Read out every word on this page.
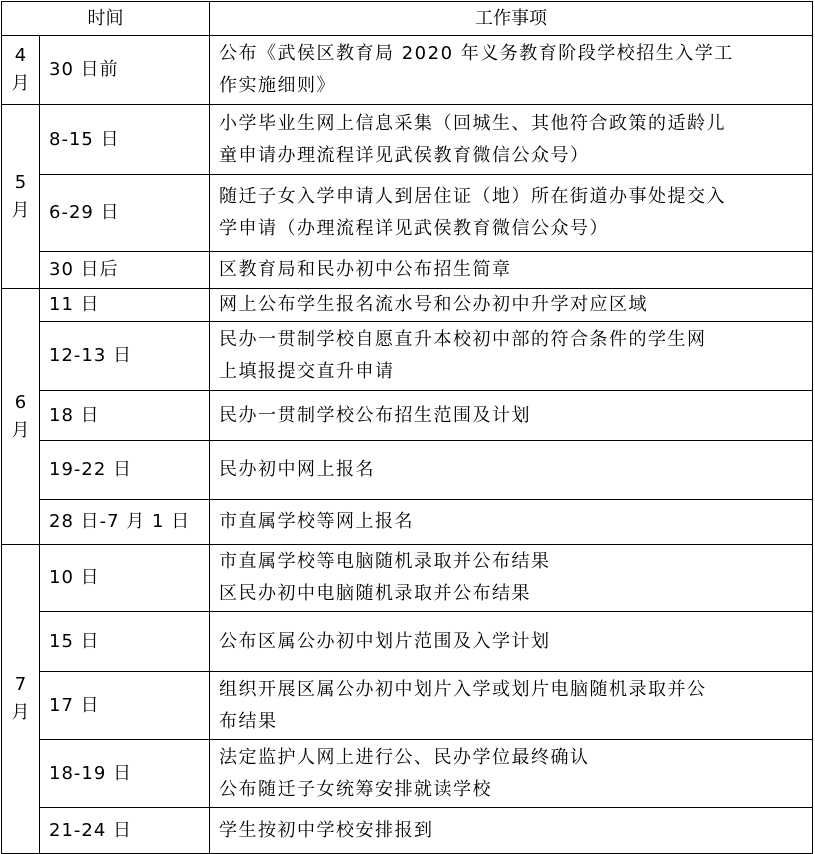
时间		工作事项

4
月	30 日前	公布《武侯区教育局 2020 年义务教育阶段学校招生入学工
作实施细则》

5
月	8-15 日	小学毕业生网上信息采集（回城生、其他符合政策的适龄儿
童申请办理流程详见武侯教育微信公众号）

	6-29 日	随迁子女入学申请人到居住证（地）所在街道办事处提交入
学申请（办理流程详见武侯教育微信公众号）

	30 日后	区教育局和民办初中公布招生简章

6
月	11 日	网上公布学生报名流水号和公办初中升学对应区域

	12-13 日	民办一贯制学校自愿直升本校初中部的符合条件的学生网
上填报提交直升申请

	18 日	民办一贯制学校公布招生范围及计划

	19-22 日	民办初中网上报名

	28 日-7 月 1 日	市直属学校等网上报名

7
月	10 日	市直属学校等电脑随机录取并公布结果
区民办初中电脑随机录取并公布结果

	15 日	公布区属公办初中划片范围及入学计划

	17 日	组织开展区属公办初中划片入学或划片电脑随机录取并公
布结果

	18-19 日	法定监护人网上进行公、民办学位最终确认
公布随迁子女统筹安排就读学校

	21-24 日	学生按初中学校安排报到
